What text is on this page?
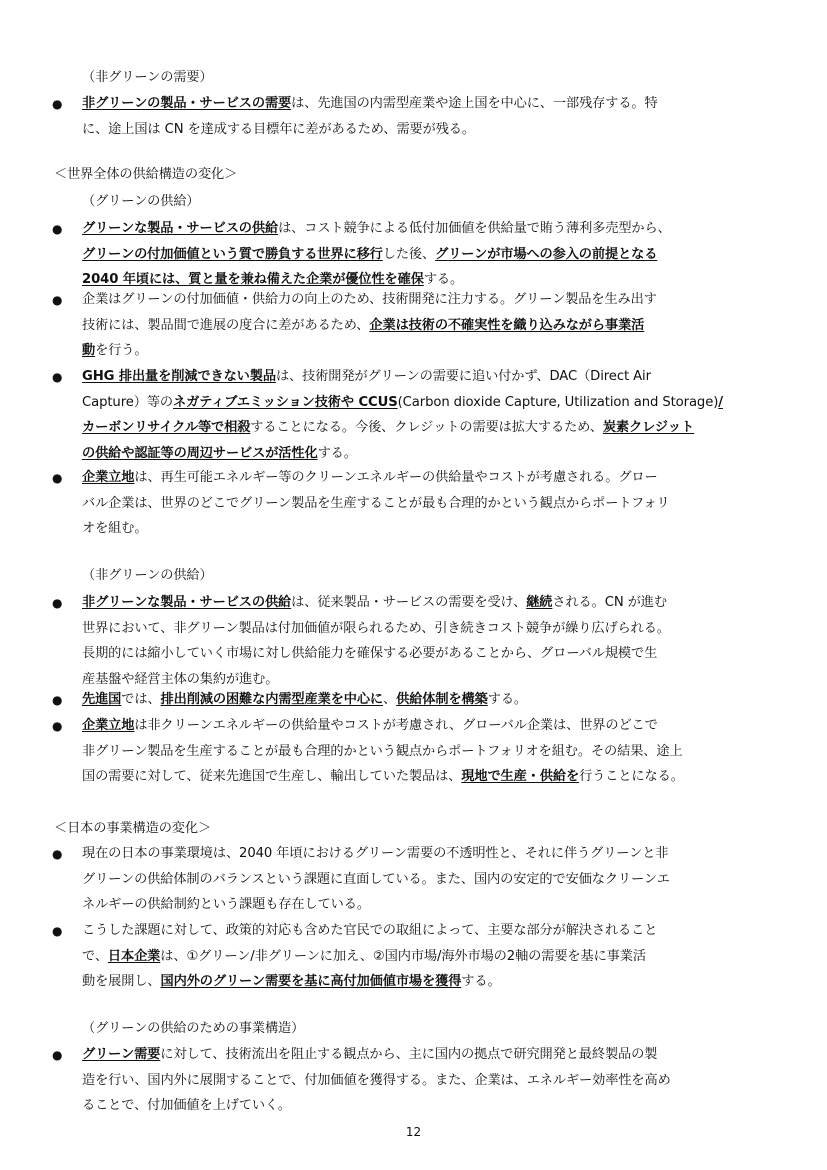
（非グリーンの需要）
● 非グリーンの製品・サービスの需要は、先進国の内需型産業や途上国を中心に、一部残存する。特
に、途上国は CN を達成する目標年に差があるため、需要が残る。
＜世界全体の供給構造の変化＞
（グリーンの供給）
● グリーンな製品・サービスの供給は、コスト競争による低付加価値を供給量で賄う薄利多売型から、
グリーンの付加価値という質で勝負する世界に移行した後、グリーンが市場への参入の前提となる
2040 年頃には、質と量を兼ね備えた企業が優位性を確保する。
● 企業はグリーンの付加価値・供給力の向上のため、技術開発に注力する。グリーン製品を生み出す
技術には、製品間で進展の度合に差があるため、企業は技術の不確実性を織り込みながら事業活
動を行う。
● GHG 排出量を削減できない製品は、技術開発がグリーンの需要に追い付かず、DAC（Direct Air
Capture）等のネガティブエミッション技術や CCUS(Carbon dioxide Capture, Utilization and Storage)/
カーボンリサイクル等で相殺することになる。今後、クレジットの需要は拡大するため、炭素クレジット
の供給や認証等の周辺サービスが活性化する。
● 企業立地は、再生可能エネルギー等のクリーンエネルギーの供給量やコストが考慮される。グロー
バル企業は、世界のどこでグリーン製品を生産することが最も合理的かという観点からポートフォリ
オを組む。
（非グリーンの供給）
● 非グリーンな製品・サービスの供給は、従来製品・サービスの需要を受け、継続される。CN が進む
世界において、非グリーン製品は付加価値が限られるため、引き続きコスト競争が繰り広げられる。
長期的には縮小していく市場に対し供給能力を確保する必要があることから、グローバル規模で生
産基盤や経営主体の集約が進む。
● 先進国では、排出削減の困難な内需型産業を中心に、供給体制を構築する。
● 企業立地は非クリーンエネルギーの供給量やコストが考慮され、グローバル企業は、世界のどこで
非グリーン製品を生産することが最も合理的かという観点からポートフォリオを組む。その結果、途上
国の需要に対して、従来先進国で生産し、輸出していた製品は、現地で生産・供給を行うことになる。
＜日本の事業構造の変化＞
● 現在の日本の事業環境は、2040 年頃におけるグリーン需要の不透明性と、それに伴うグリーンと非
グリーンの供給体制のバランスという課題に直面している。また、国内の安定的で安価なクリーンエ
ネルギーの供給制約という課題も存在している。
● こうした課題に対して、政策的対応も含めた官民での取組によって、主要な部分が解決されること
で、日本企業は、①グリーン/非グリーンに加え、②国内市場/海外市場の2軸の需要を基に事業活
動を展開し、国内外のグリーン需要を基に高付加価値市場を獲得する。
（グリーンの供給のための事業構造）
● グリーン需要に対して、技術流出を阻止する観点から、主に国内の拠点で研究開発と最終製品の製
造を行い、国内外に展開することで、付加価値を獲得する。また、企業は、エネルギー効率性を高め
ることで、付加価値を上げていく。
12
